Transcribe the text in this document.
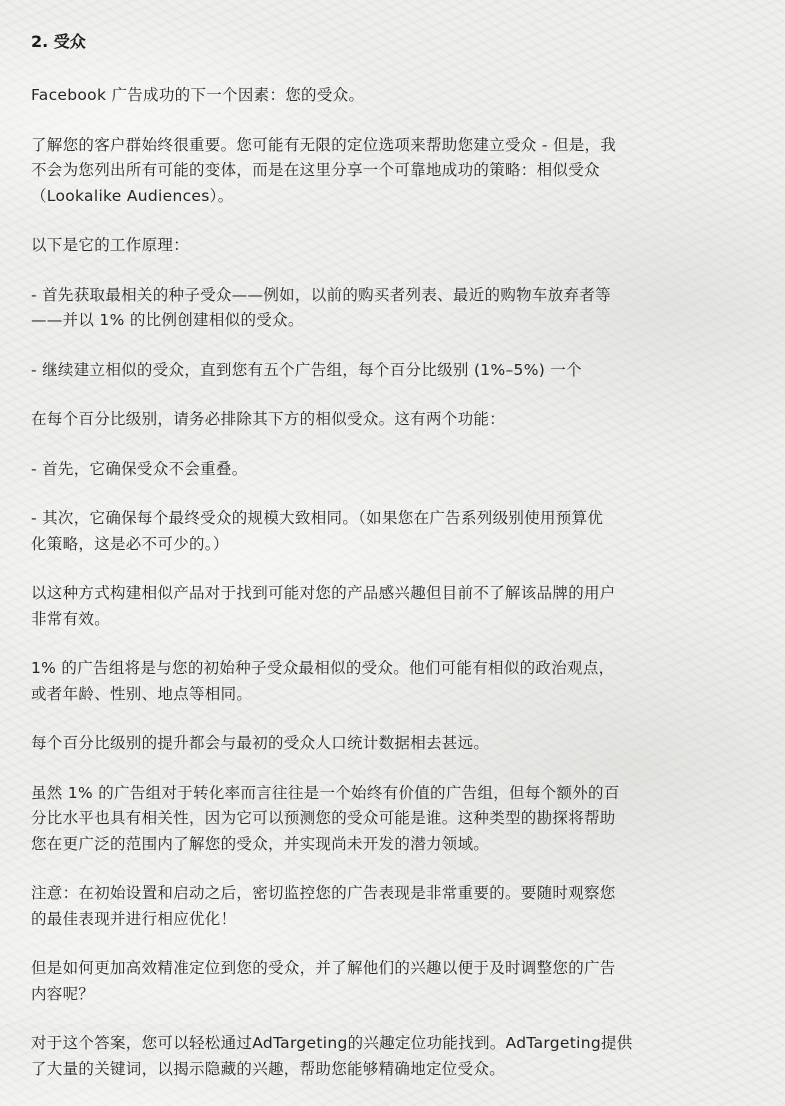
2. 受众
Facebook 广告成功的下一个因素：您的受众。
了解您的客户群始终很重要。您可能有无限的定位选项来帮助您建立受众 - 但是，我
不会为您列出所有可能的变体，而是在这里分享一个可靠地成功的策略：相似受众
（Lookalike Audiences）。
以下是它的工作原理：
- 首先获取最相关的种子受众——例如，以前的购买者列表、最近的购物车放弃者等
——并以 1% 的比例创建相似的受众。
- 继续建立相似的受众，直到您有五个广告组，每个百分比级别 (1%–5%) 一个
在每个百分比级别，请务必排除其下方的相似受众。这有两个功能：
- 首先，它确保受众不会重叠。
- 其次，它确保每个最终受众的规模大致相同。（如果您在广告系列级别使用预算优
化策略，这是必不可少的。）
以这种方式构建相似产品对于找到可能对您的产品感兴趣但目前不了解该品牌的用户
非常有效。
1% 的广告组将是与您的初始种子受众最相似的受众。他们可能有相似的政治观点，
或者年龄、性别、地点等相同。
每个百分比级别的提升都会与最初的受众人口统计数据相去甚远。
虽然 1% 的广告组对于转化率而言往往是一个始终有价值的广告组，但每个额外的百
分比水平也具有相关性，因为它可以预测您的受众可能是谁。这种类型的勘探将帮助
您在更广泛的范围内了解您的受众，并实现尚未开发的潜力领域。
注意：在初始设置和启动之后，密切监控您的广告表现是非常重要的。要随时观察您
的最佳表现并进行相应优化！
但是如何更加高效精准定位到您的受众，并了解他们的兴趣以便于及时调整您的广告
内容呢？
对于这个答案，您可以轻松通过AdTargeting的兴趣定位功能找到。AdTargeting提供
了大量的关键词，以揭示隐藏的兴趣，帮助您能够精确地定位受众。
